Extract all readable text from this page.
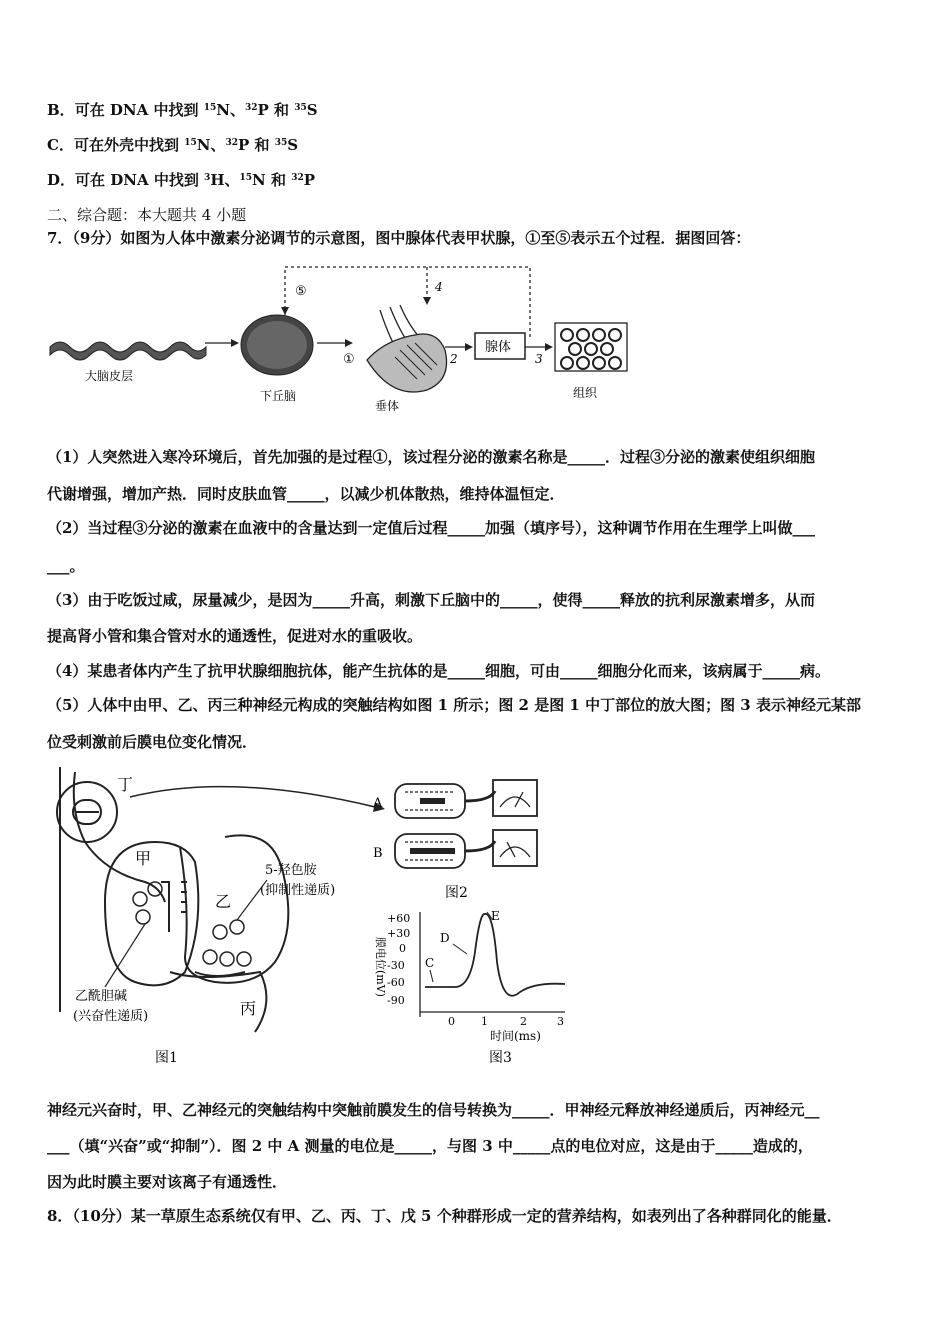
B．可在 DNA 中找到 $^{15}$N、$^{32}$P 和 $^{35}$S
C．可在外壳中找到 $^{15}$N、$^{32}$P 和 $^{35}$S
D．可在 DNA 中找到 $^3$H、$^{15}$N 和 $^{32}$P
二、综合题：本大题共 4 小题
7．（9分）如图为人体中激素分泌调节的示意图，图中腺体代表甲状腺，①至⑤表示五个过程．据图回答：
⑤	4
大脑皮层
下丘脑
①
垂体
2
腺体
3
组织
（1）人突然进入寒冷环境后，首先加强的是过程①，该过程分泌的激素名称是_____．过程③分泌的激素使组织细胞
代谢增强，增加产热．同时皮肤血管_____，以减少机体散热，维持体温恒定．
（2）当过程③分泌的激素在血液中的含量达到一定值后过程_____加强（填序号），这种调节作用在生理学上叫做___
___。
（3）由于吃饭过咸，尿量减少，是因为_____升高，刺激下丘脑中的_____，使得_____释放的抗利尿激素增多，从而
提高肾小管和集合管对水的通透性，促进对水的重吸收。
（4）某患者体内产生了抗甲状腺细胞抗体，能产生抗体的是_____细胞，可由_____细胞分化而来，该病属于_____病。
（5）人体中由甲、乙、丙三种神经元构成的突触结构如图 1 所示；图 2 是图 1 中丁部位的放大图；图 3 表示神经元某部
位受刺激前后膜电位变化情况．
丁
甲
乙
丙
5-羟色胺
(抑制性递质)
乙酰胆碱
(兴奋性递质)
图1
A
B
图2
+60
+30
0
-30
-60
-90
膜电位(mV)	C
D
E
0 1	2	3
时间(ms)
图3
神经元兴奋时，甲、乙神经元的突触结构中突触前膜发生的信号转换为_____．甲神经元释放神经递质后，丙神经元__
___（填“兴奋”或“抑制”）．图 2 中 A 测量的电位是_____，与图 3 中_____点的电位对应，这是由于_____造成的，
因为此时膜主要对该离子有通透性．
8．（10分）某一草原生态系统仅有甲、乙、丙、丁、戊 5 个种群形成一定的营养结构，如表列出了各种群同化的能量．
